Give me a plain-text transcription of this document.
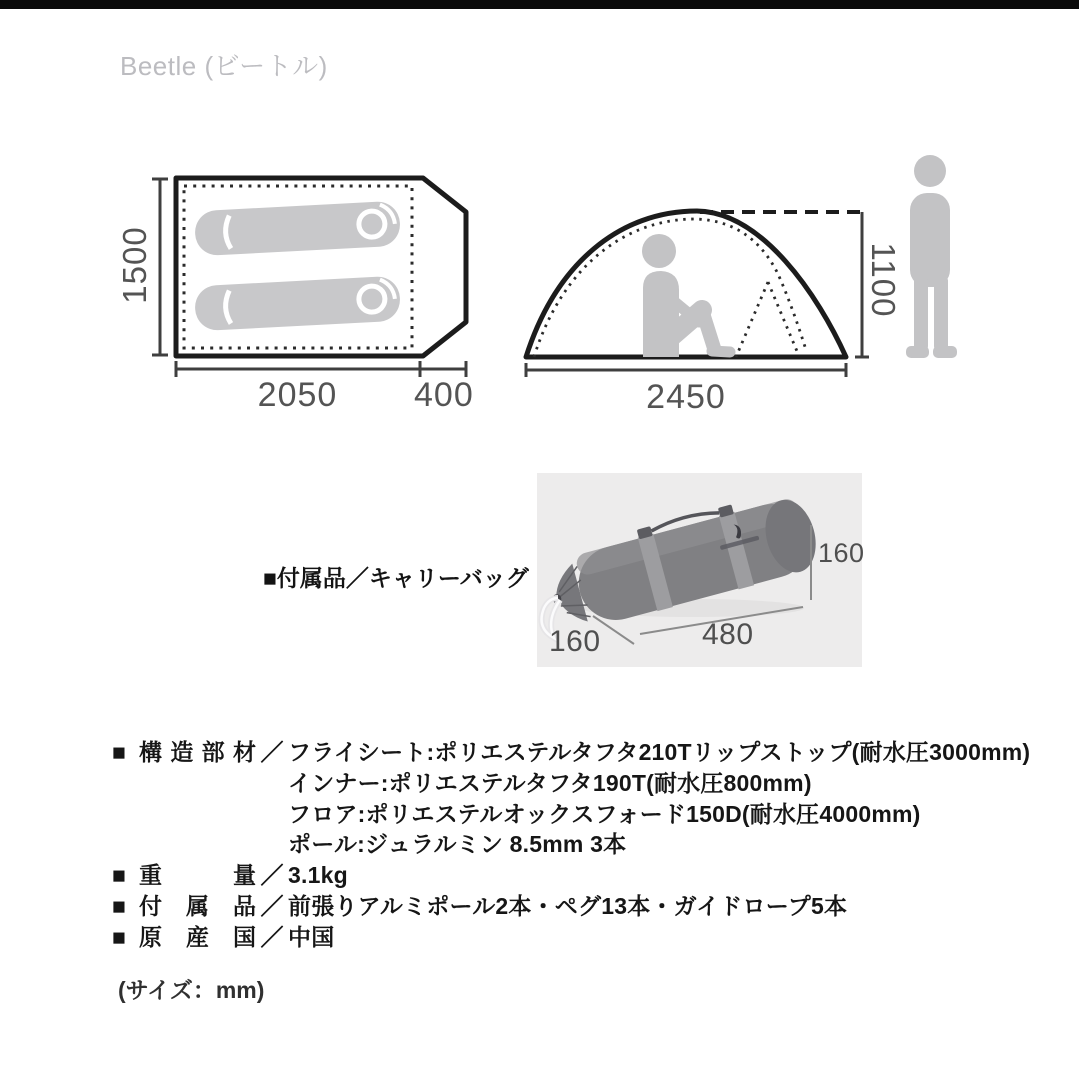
Beetle (ビートル)
1500
2050 400	2450
1100
160
480
160
■付属品／キャリーバッグ
■ 構 造 部 材 ／ フライシート:ポリエステルタフタ210Tリップストップ(耐水圧3000mm)
インナー:ポリエステルタフタ190T(耐水圧800mm)
フロア:ポリエステルオックスフォード150D(耐水圧4000mm)
ポール:ジュラルミン 8.5mm 3本
■ 重 量 ／ 3.1kg
■ 付 属 品 ／ 前張りアルミポール2本・ペグ13本・ガイドロープ5本
■ 原 産 国 ／ 中国
(サイズ：mm)
